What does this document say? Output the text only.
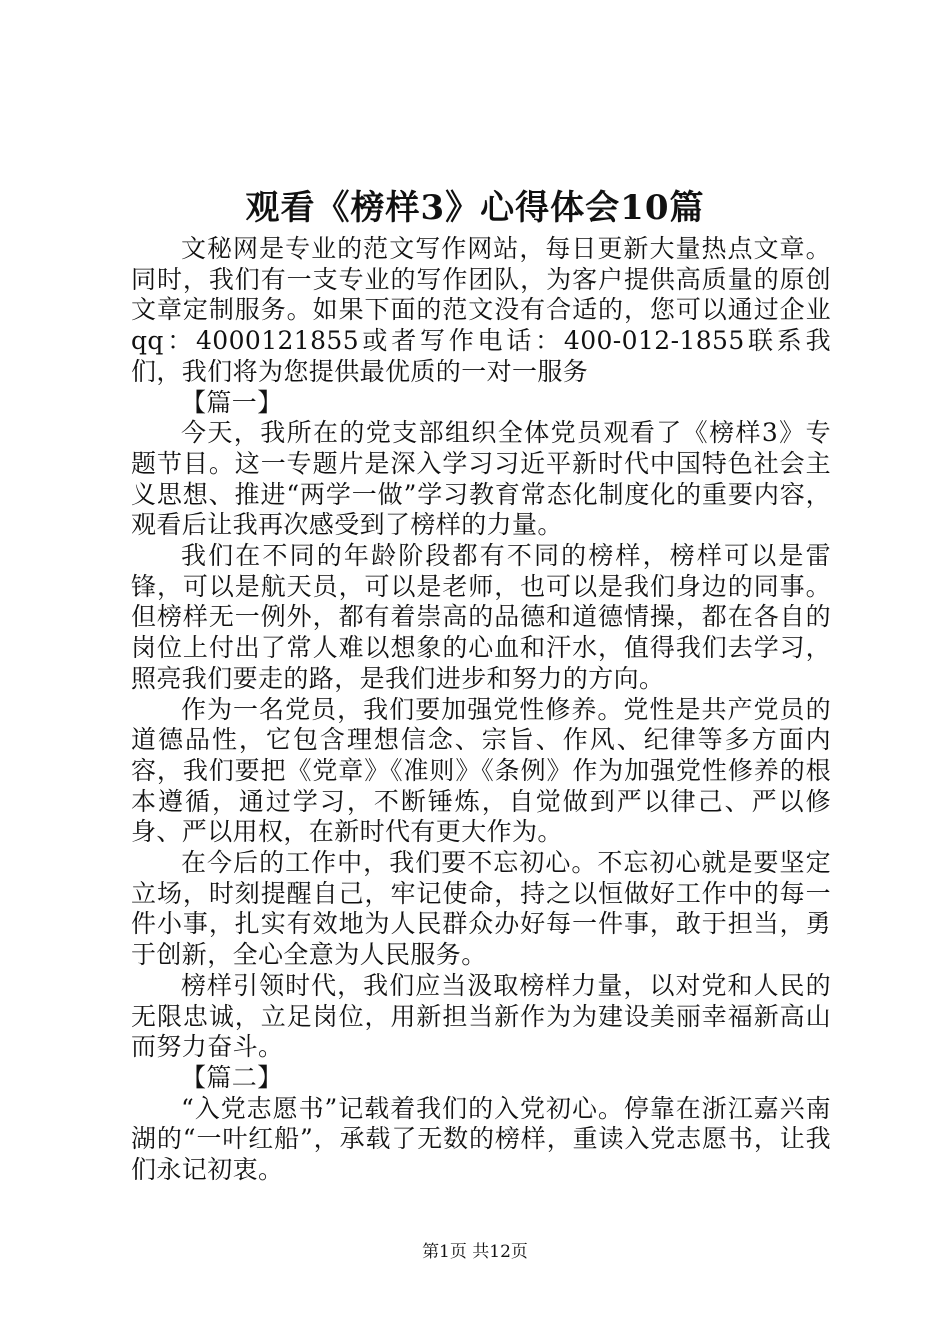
观看《榜样3》心得体会10篇

文秘网是专业的范文写作网站，每日更新大量热点文章。同时，我们有一支专业的写作团队，为客户提供高质量的原创文章定制服务。如果下面的范文没有合适的，您可以通过企业qq：4000121855或者写作电话：400-012-1855联系我们，我们将为您提供最优质的一对一服务

【篇一】

今天，我所在的党支部组织全体党员观看了《榜样3》专题节目。这一专题片是深入学习习近平新时代中国特色社会主义思想、推进“两学一做”学习教育常态化制度化的重要内容，观看后让我再次感受到了榜样的力量。

我们在不同的年龄阶段都有不同的榜样，榜样可以是雷锋，可以是航天员，可以是老师，也可以是我们身边的同事。但榜样无一例外，都有着崇高的品德和道德情操，都在各自的岗位上付出了常人难以想象的心血和汗水，值得我们去学习，照亮我们要走的路，是我们进步和努力的方向。

作为一名党员，我们要加强党性修养。党性是共产党员的道德品性，它包含理想信念、宗旨、作风、纪律等多方面内容，我们要把《党章》《准则》《条例》作为加强党性修养的根本遵循，通过学习，不断锤炼，自觉做到严以律己、严以修身、严以用权，在新时代有更大作为。

在今后的工作中，我们要不忘初心。不忘初心就是要坚定立场，时刻提醒自己，牢记使命，持之以恒做好工作中的每一件小事，扎实有效地为人民群众办好每一件事，敢于担当，勇于创新，全心全意为人民服务。

榜样引领时代，我们应当汲取榜样力量，以对党和人民的无限忠诚，立足岗位，用新担当新作为为建设美丽幸福新高山而努力奋斗。

【篇二】

“入党志愿书”记载着我们的入党初心。停靠在浙江嘉兴南湖的“一叶红船”，承载了无数的榜样，重读入党志愿书，让我们永记初衷。

第1页 共12页
